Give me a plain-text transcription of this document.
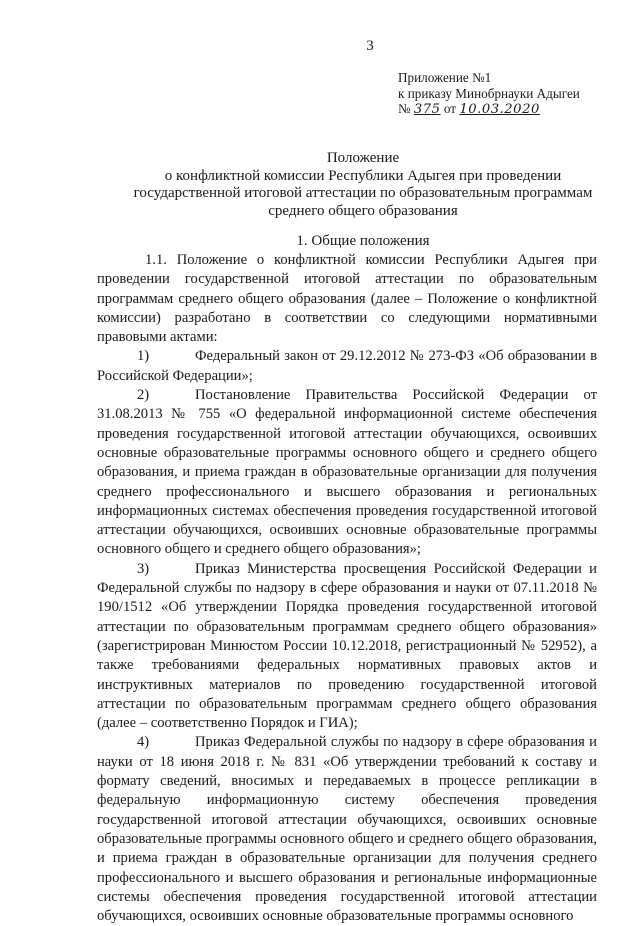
3
Приложение №1
к приказу Минобрнауки Адыгеи
№ 375 от 10.03.2020
Положение
о конфликтной комиссии Республики Адыгея при проведении
государственной итоговой аттестации по образовательным программам
среднего общего образования
1. Общие положения

1.1. Положение о конфликтной комиссии Республики Адыгея при проведении государственной итоговой аттестации по образовательным программам среднего общего образования (далее – Положение о конфликтной комиссии) разработано в соответствии со следующими нормативными правовыми актами:

1)	Федеральный закон от 29.12.2012 № 273-ФЗ «Об образовании в Российской Федерации»;

2)	Постановление Правительства Российской Федерации от 31.08.2013 № 755 «О федеральной информационной системе обеспечения проведения государственной итоговой аттестации обучающихся, освоивших основные образовательные программы основного общего и среднего общего образования, и приема граждан в образовательные организации для получения среднего профессионального и высшего образования и региональных информационных системах обеспечения проведения государственной итоговой аттестации обучающихся, освоивших основные образовательные программы основного общего и среднего общего образования»;

3)	Приказ Министерства просвещения Российской Федерации и Федеральной службы по надзору в сфере образования и науки от 07.11.2018 № 190/1512 «Об утверждении Порядка проведения государственной итоговой аттестации по образовательным программам среднего общего образования» (зарегистрирован Минюстом России 10.12.2018, регистрационный № 52952), а также требованиями федеральных нормативных правовых актов и инструктивных материалов по проведению государственной итоговой аттестации по образовательным программам среднего общего образования (далее – соответственно Порядок и ГИА);

4)	Приказ Федеральной службы по надзору в сфере образования и науки от 18 июня 2018 г. № 831 «Об утверждении требований к составу и формату сведений, вносимых и передаваемых в процессе репликации в федеральную информационную систему обеспечения проведения государственной итоговой аттестации обучающихся, освоивших основные образовательные программы основного общего и среднего общего образования, и приема граждан в образовательные организации для получения среднего профессионального и высшего образования и региональные информационные системы обеспечения проведения государственной итоговой аттестации обучающихся, освоивших основные образовательные программы основного
